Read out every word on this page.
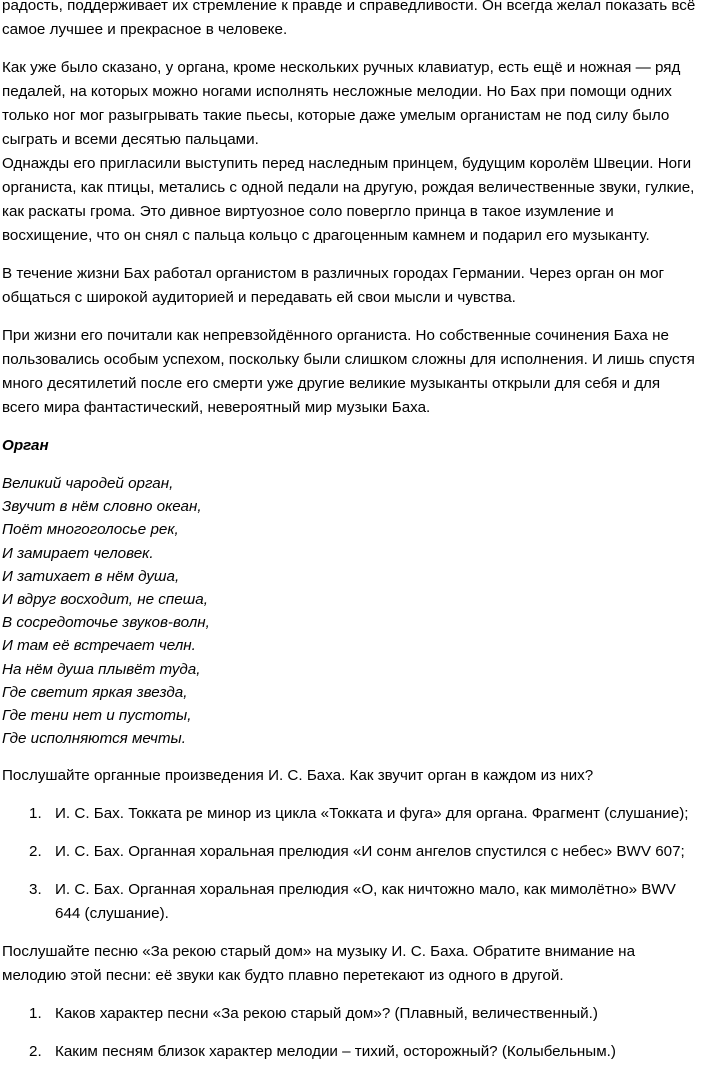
радость, поддерживает их стремление к правде и справедливости. Он всегда желал показать всё самое лучшее и прекрасное в человеке.

Как уже было сказано, у органа, кроме нескольких ручных клавиатур, есть ещё и ножная — ряд педалей, на которых можно ногами исполнять несложные мелодии. Но Бах при помощи одних только ног мог разыгрывать такие пьесы, которые даже умелым органистам не под силу было сыграть и всеми десятью пальцами.

Однажды его пригласили выступить перед наследным принцем, будущим королём Швеции. Ноги органиста, как птицы, метались с одной педали на другую, рождая величественные звуки, гулкие, как раскаты грома. Это дивное виртуозное соло повергло принца в такое изумление и восхищение, что он снял с пальца кольцо с драгоценным камнем и подарил его музыканту.

В течение жизни Бах работал органистом в различных городах Германии. Через орган он мог общаться с широкой аудиторией и передавать ей свои мысли и чувства.

При жизни его почитали как непревзойдённого органиста. Но собственные сочинения Баха не пользовались особым успехом, поскольку были слишком сложны для исполнения. И лишь спустя много десятилетий после его смерти уже другие великие музыканты открыли для себя и для всего мира фантастический, невероятный мир музыки Баха.

Орган

Великий чародей орган,

Звучит в нём словно океан,

Поёт многоголосье рек,

И замирает человек.

И затихает в нём душа,

И вдруг восходит, не спеша,

В сосредоточье звуков-волн,

И там её встречает челн.

На нём душа плывёт туда,

Где светит яркая звезда,

Где тени нет и пустоты,

Где исполняются мечты.

Послушайте органные произведения И. С. Баха. Как звучит орган в каждом из них?

1. И. С. Бах. Токката ре минор из цикла «Токката и фуга» для органа. Фрагмент (слушание);
2. И. С. Бах. Органная хоральная прелюдия «И сонм ангелов спустился с небес» BWV 607;
3. И. С. Бах. Органная хоральная прелюдия «О, как ничтожно мало, как мимолётно» BWV 644 (слушание).

Послушайте песню «За рекою старый дом» на музыку И. С. Баха. Обратите внимание на мелодию этой песни: её звуки как будто плавно перетекают из одного в другой.

1. Каков характер песни «За рекою старый дом»? (Плавный, величественный.)
2. Каким песням близок характер мелодии – тихий, осторожный? (Колыбельным.)
